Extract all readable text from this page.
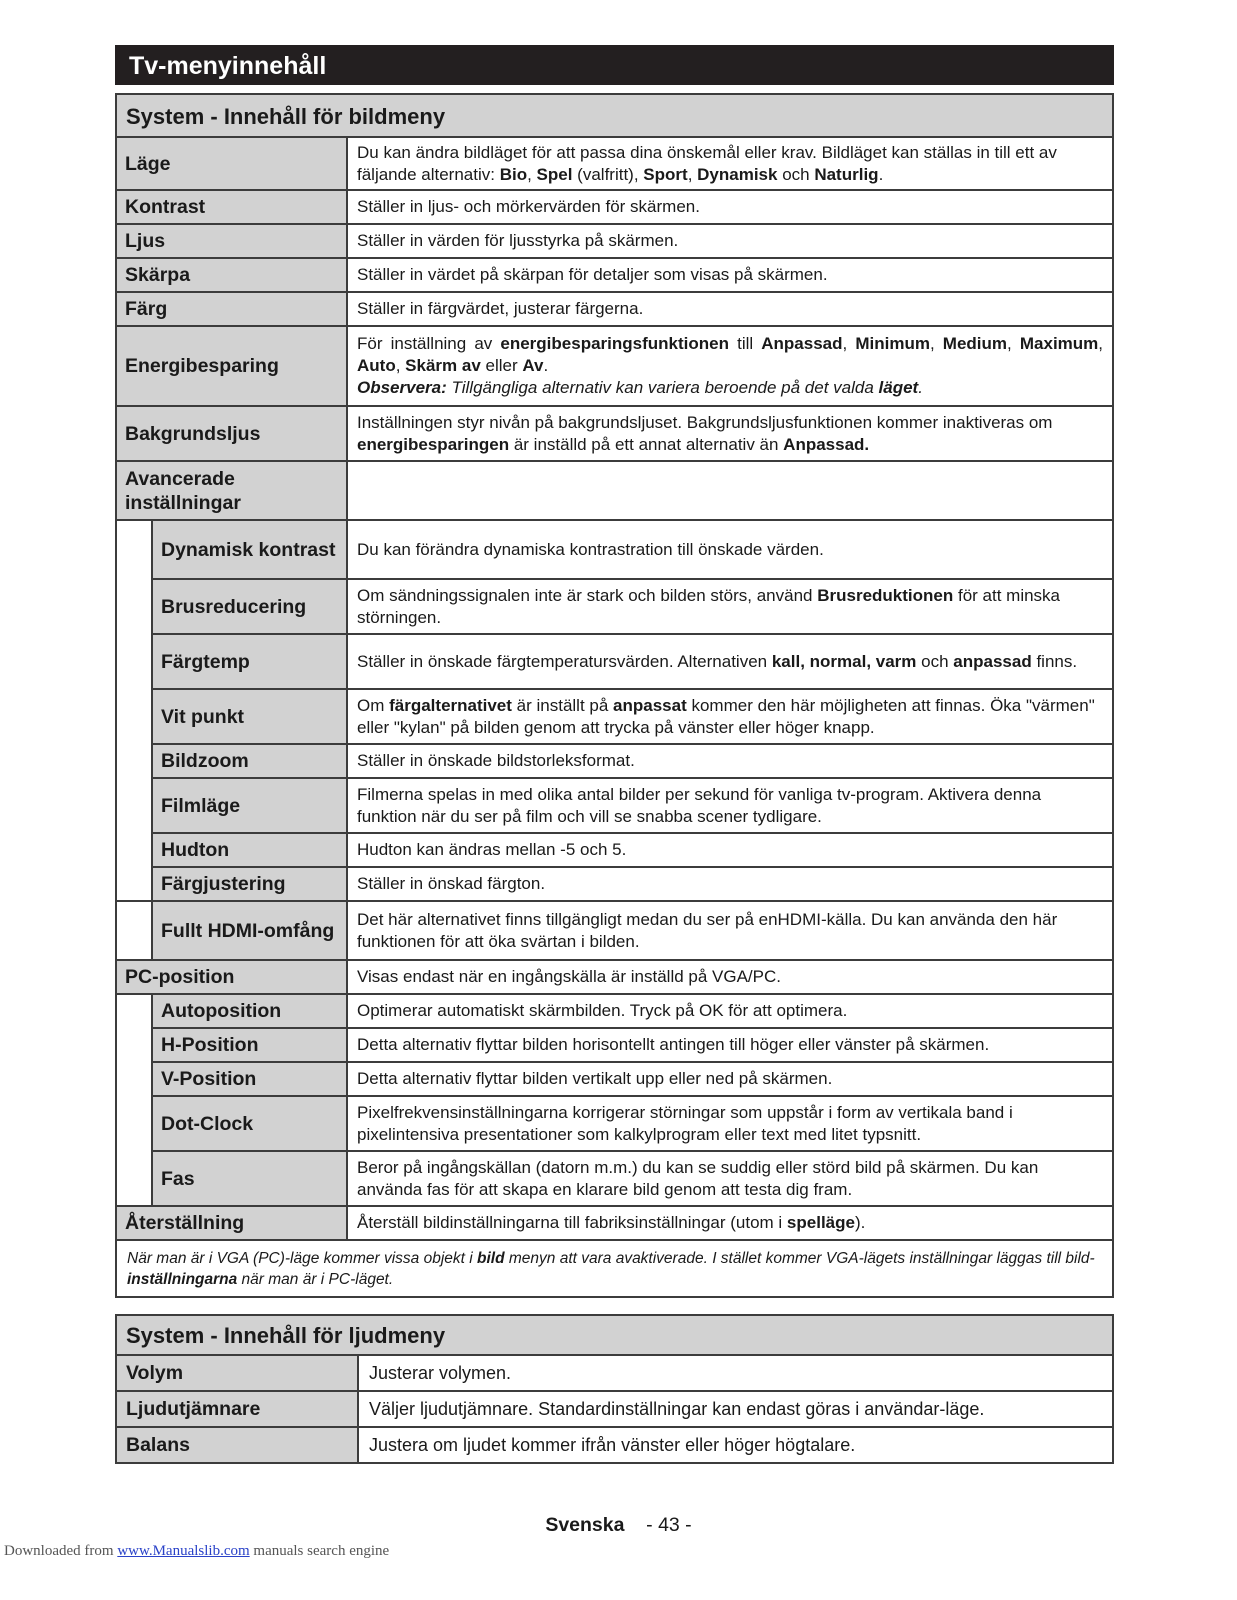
Tv-menyinnehåll
System - Innehåll för bildmeny		
Läge		Du kan ändra bildläget för att passa dina önskemål eller krav. Bildläget kan ställas in till ett av fäljande alternativ: Bio, Spel (valfritt), Sport, Dynamisk och Naturlig.
Kontrast		Ställer in ljus- och mörkervärden för skärmen.
Ljus		Ställer in värden för ljusstyrka på skärmen.
Skärpa		Ställer in värdet på skärpan för detaljer som visas på skärmen.
Färg		Ställer in färgvärdet, justerar färgerna.
Energibesparing		För inställning av energibesparingsfunktionen till Anpassad, Minimum, Medium, Maximum, Auto, Skärm av eller Av.
Observera: Tillgängliga alternativ kan variera beroende på det valda läget.
Bakgrundsljus		Inställningen styr nivån på bakgrundsljuset. Bakgrundsljusfunktionen kommer inaktiveras om energibesparingen är inställd på ett annat alternativ än Anpassad.
Avancerade inställningar		
	Dynamisk kontrast	Du kan förändra dynamiska kontrastration till önskade värden.
	Brusreducering	Om sändningssignalen inte är stark och bilden störs, använd Brusreduktionen för att minska störningen.
	Färgtemp	Ställer in önskade färgtemperatursvärden. Alternativen kall, normal, varm och anpassad finns.
	Vit punkt	Om färgalternativet är inställt på anpassat kommer den här möjligheten att finnas. Öka "värmen" eller "kylan" på bilden genom att trycka på vänster eller höger knapp.
	Bildzoom	Ställer in önskade bildstorleksformat.
	Filmläge	Filmerna spelas in med olika antal bilder per sekund för vanliga tv-program. Aktivera denna funktion när du ser på film och vill se snabba scener tydligare.
	Hudton	Hudton kan ändras mellan -5 och 5.
	Färgjustering	Ställer in önskad färgton.
	Fullt HDMI-omfång	Det här alternativet finns tillgängligt medan du ser på enHDMI-källa. Du kan använda den här funktionen för att öka svärtan i bilden.
PC-position		Visas endast när en ingångskälla är inställd på VGA/PC.
	Autoposition	Optimerar automatiskt skärmbilden. Tryck på OK för att optimera.
	H-Position	Detta alternativ flyttar bilden horisontellt antingen till höger eller vänster på skärmen.
	V-Position	Detta alternativ flyttar bilden vertikalt upp eller ned på skärmen.
	Dot-Clock	Pixelfrekvensinställningarna korrigerar störningar som uppstår i form av vertikala band i pixelintensiva presentationer som kalkylprogram eller text med litet typsnitt.
	Fas	Beror på ingångskällan (datorn m.m.) du kan se suddig eller störd bild på skärmen. Du kan använda fas för att skapa en klarare bild genom att testa dig fram.
Återställning		Återställ bildinställningarna till fabriksinställningar (utom i spelläge).
När man är i VGA (PC)-läge kommer vissa objekt i bild menyn att vara avaktiverade. I stället kommer VGA-lägets inställningar läggas till bild- inställningarna när man är i PC-läget.		
System - Innehåll för ljudmeny	
Volym	Justerar volymen.
Ljudutjämnare	Väljer ljudutjämnare. Standardinställningar kan endast göras i användar-läge.
Balans	Justera om ljudet kommer ifrån vänster eller höger högtalare.
Svenska - 43 -
Downloaded from www.Manualslib.com manuals search engine
